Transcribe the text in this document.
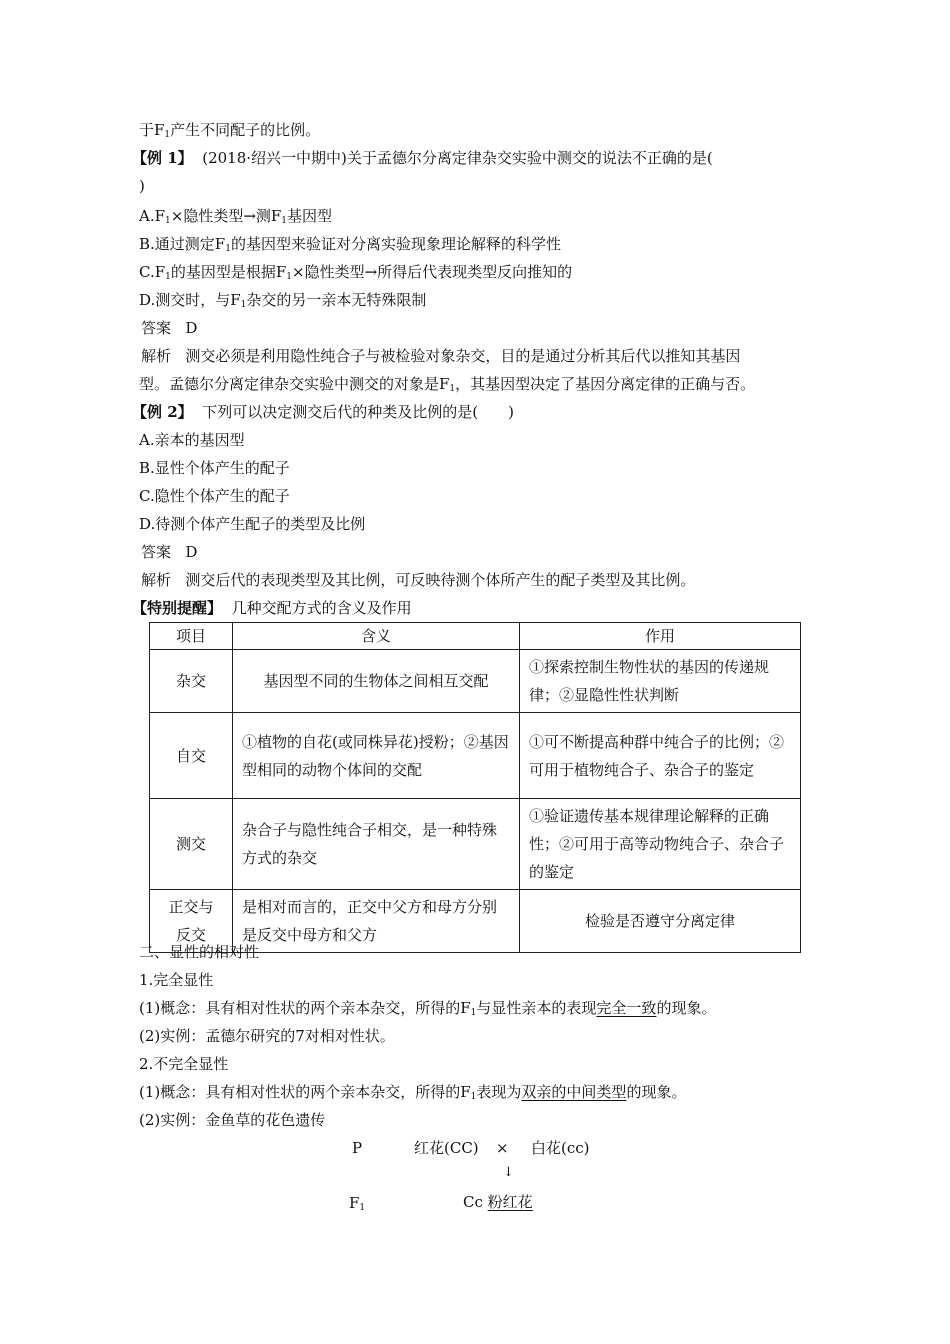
于$F_1$产生不同配子的比例。
【例 1】 (2018·绍兴一中期中)关于孟德尔分离定律杂交实验中测交的说法不正确的是(
)
$A.F_1\times$隐性类型→测$F_1$基因型
B.通过测定$F_1$的基因型来验证对分离实验现象理论解释的科学性
$C.F_1$的基因型是根据$F_1\times$隐性类型→所得后代表现类型反向推知的
D.测交时，与$F_1$杂交的另一亲本无特殊限制
答案 D
解析 测交必须是利用隐性纯合子与被检验对象杂交，目的是通过分析其后代以推知其基因
型。孟德尔分离定律杂交实验中测交的对象是$F_1$，其基因型决定了基因分离定律的正确与否。
【例 2】 下列可以决定测交后代的种类及比例的是(　　)
A.亲本的基因型
B.显性个体产生的配子
C.隐性个体产生的配子
D.待测个体产生配子的类型及比例
答案 D
解析 测交后代的表现类型及其比例，可反映待测个体所产生的配子类型及其比例。
【特别提醒】 几种交配方式的含义及作用
项目	含义	作用
杂交	基因型不同的生物体之间相互交配	①探索控制生物性状的基因的传递规律；②显隐性性状判断
自交	①植物的自花(或同株异花)授粉；②基因型相同的动物个体间的交配	①可不断提高种群中纯合子的比例；②可用于植物纯合子、杂合子的鉴定
测交	杂合子与隐性纯合子相交，是一种特殊方式的杂交	①验证遗传基本规律理论解释的正确性；②可用于高等动物纯合子、杂合子的鉴定
正交与反交	是相对而言的，正交中父方和母方分别是反交中母方和父方	检验是否遵守分离定律
二、显性的相对性
1.完全显性
(1)概念：具有相对性状的两个亲本杂交，所得的$F_1$与显性亲本的表现完全一致的现象。
(2)实例：孟德尔研究的7对相对性状。
2.不完全显性
(1)概念：具有相对性状的两个亲本杂交，所得的$F_1$表现为双亲的中间类型的现象。
(2)实例：金鱼草的花色遗传
P	红花(CC) × 白花(cc)
↓
$F_1$	Cc 粉红花
